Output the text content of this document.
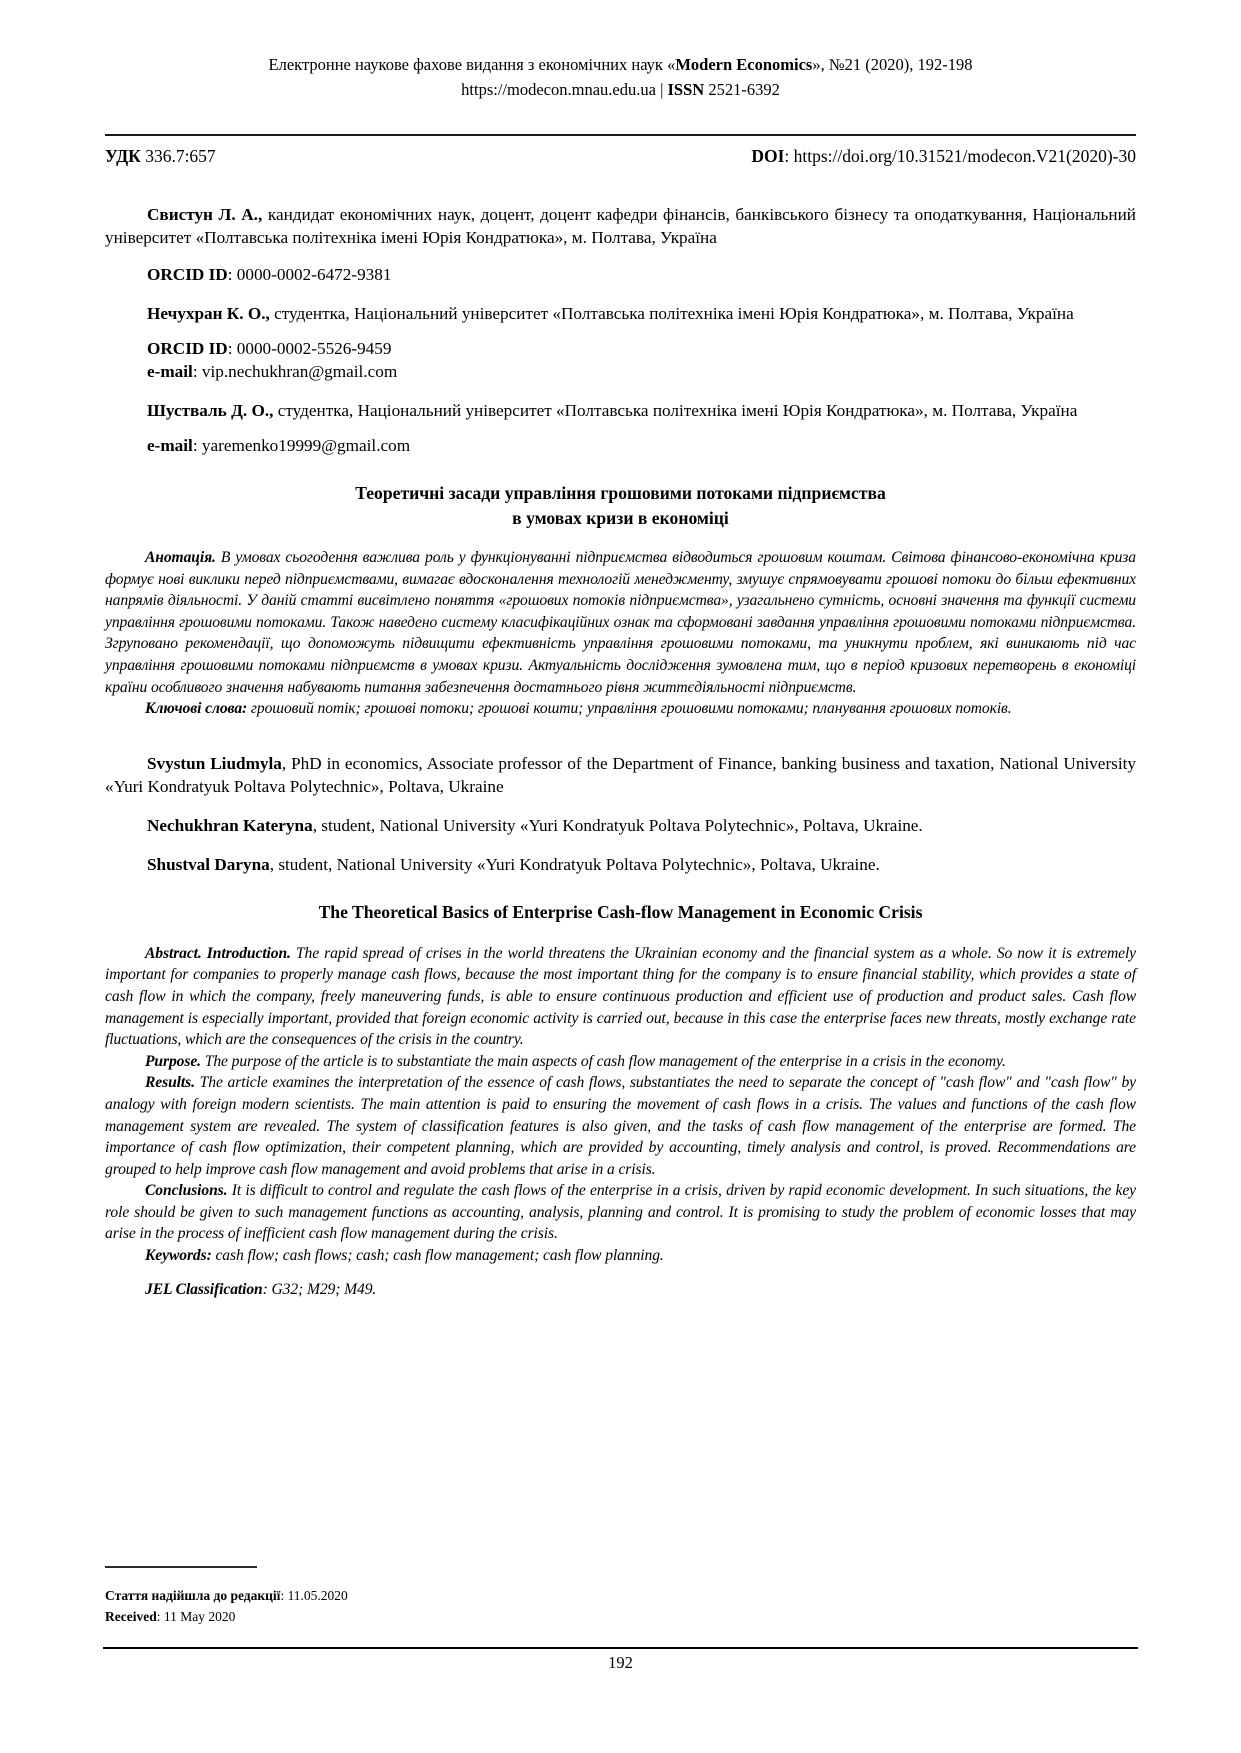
Електронне наукове фахове видання з економічних наук «Modern Economics», №21 (2020), 192-198

https://modecon.mnau.edu.ua | ISSN 2521-6392

УДК 336.7:657	DOI: https://doi.org/10.31521/modecon.V21(2020)-30

Свистун Л. А., кандидат економічних наук, доцент, доцент кафедри фінансів, банківського бізнесу та оподаткування, Національний університет «Полтавська політехніка імені Юрія Кондратюка», м. Полтава, Україна

ORCID ID: 0000-0002-6472-9381

Нечухран К. О., студентка, Національний університет «Полтавська політехніка імені Юрія Кондратюка», м. Полтава, Україна

ORCID ID: 0000-0002-5526-9459

e-mail: vip.nechukhran@gmail.com

Шустваль Д. О., студентка, Національний університет «Полтавська політехніка імені Юрія Кондратюка», м. Полтава, Україна

e-mail: yaremenko19999@gmail.com

Теоретичні засади управління грошовими потоками підприємства
в умовах кризи в економіці

Анотація. В умовах сьогодення важлива роль у функціонуванні підприємства відводиться грошовим коштам. Світова фінансово-економічна криза формує нові виклики перед підприємствами, вимагає вдосконалення технологій менеджменту, змушує спрямовувати грошові потоки до більш ефективних напрямів діяльності. У даній статті висвітлено поняття «грошових потоків підприємства», узагальнено сутність, основні значення та функції системи управління грошовими потоками. Також наведено систему класифікаційних ознак та сформовані завдання управління грошовими потоками підприємства. Згруповано рекомендації, що допоможуть підвищити ефективність управління грошовими потоками, та уникнути проблем, які виникають під час управління грошовими потоками підприємств в умовах кризи. Актуальність дослідження зумовлена тим, що в період кризових перетворень в економіці країни особливого значення набувають питання забезпечення достатнього рівня життєдіяльності підприємств.

Ключові слова: грошовий потік; грошові потоки; грошові кошти; управління грошовими потоками; планування грошових потоків.

Svystun Liudmyla, PhD in economics, Associate professor of the Department of Finance, banking business and taxation, National University «Yuri Kondratyuk Poltava Polytechnic», Poltava, Ukraine

Nechukhran Kateryna, student, National University «Yuri Kondratyuk Poltava Polytechnic», Poltava, Ukraine.

Shustval Daryna, student, National University «Yuri Kondratyuk Poltava Polytechnic», Poltava, Ukraine.

The Theoretical Basics of Enterprise Cash-flow Management in Economic Crisis

Abstract. Introduction. The rapid spread of crises in the world threatens the Ukrainian economy and the financial system as a whole. So now it is extremely important for companies to properly manage cash flows, because the most important thing for the company is to ensure financial stability, which provides a state of cash flow in which the company, freely maneuvering funds, is able to ensure continuous production and efficient use of production and product sales. Cash flow management is especially important, provided that foreign economic activity is carried out, because in this case the enterprise faces new threats, mostly exchange rate fluctuations, which are the consequences of the crisis in the country.

Purpose. The purpose of the article is to substantiate the main aspects of cash flow management of the enterprise in a crisis in the economy.

Results. The article examines the interpretation of the essence of cash flows, substantiates the need to separate the concept of "cash flow" and "cash flow" by analogy with foreign modern scientists. The main attention is paid to ensuring the movement of cash flows in a crisis. The values and functions of the cash flow management system are revealed. The system of classification features is also given, and the tasks of cash flow management of the enterprise are formed. The importance of cash flow optimization, their competent planning, which are provided by accounting, timely analysis and control, is proved. Recommendations are grouped to help improve cash flow management and avoid problems that arise in a crisis.

Conclusions. It is difficult to control and regulate the cash flows of the enterprise in a crisis, driven by rapid economic development. In such situations, the key role should be given to such management functions as accounting, analysis, planning and control. It is promising to study the problem of economic losses that may arise in the process of inefficient cash flow management during the crisis.

Keywords: cash flow; cash flows; cash; cash flow management; cash flow planning.

JEL Classification: G32; M29; M49.

Стаття надійшла до редакції: 11.05.2020
Received: 11 May 2020

192
